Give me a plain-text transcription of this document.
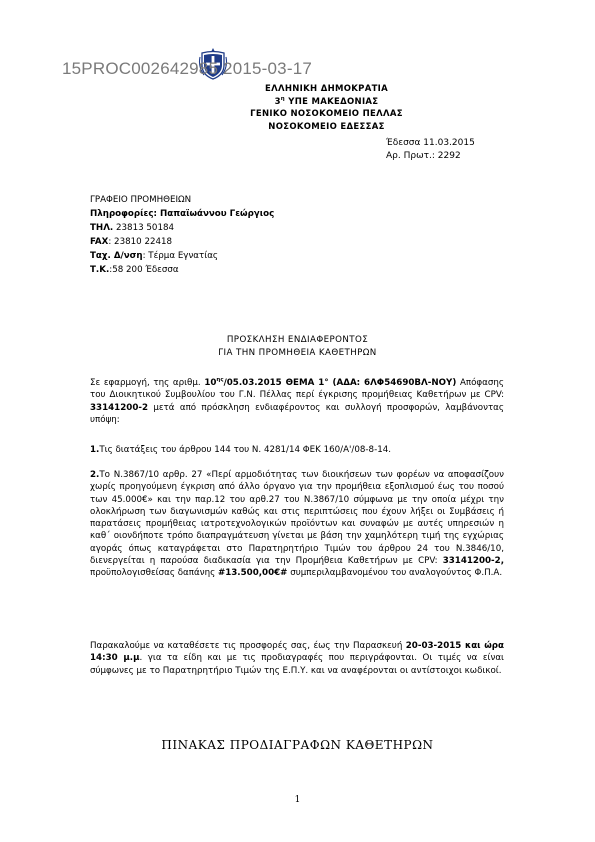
15PROC002642985 2015-03-17
ΕΛΛΗΝΙΚΗ ΔΗΜΟΚΡΑΤΙΑ
$3^\eta$ ΥΠΕ ΜΑΚΕΔΟΝΙΑΣ
ΓΕΝΙΚΟ ΝΟΣΟΚΟΜΕΙΟ ΠΕΛΛΑΣ
ΝΟΣΟΚΟΜΕΙΟ ΕΔΕΣΣΑΣ
Έδεσσα 11.03.2015
Αρ. Πρωτ.: 2292
ΓΡΑΦΕΙΟ ΠΡΟΜΗΘΕΙΩΝ
Πληροφορίες: Παπαϊωάννου Γεώργιος
ΤΗΛ. 23813 50184
FAX: 23810 22418
Ταχ. Δ/νση: Τέρμα Εγνατίας
Τ.Κ.:58 200 Έδεσσα
ΠΡΟΣΚΛΗΣΗ ΕΝΔΙΑΦΕΡΟΝΤΟΣ
ΓΙΑ ΤΗΝ ΠΡΟΜΗΘΕΙΑ ΚΑΘΕΤΗΡΩΝ
Σε εφαρμογή, της αριθμ. $10^{\eta\varsigma}/05.03.2015$ ΘΕΜΑ 1° (ΑΔΑ: 6ΛΦ54690ΒΛ-ΝΟΥ) Απόφασης του Διοικητικού Συμβουλίου του Γ.Ν. Πέλλας περί έγκρισης προμήθειας Καθετήρων με CPV: 33141200-2 μετά από πρόσκληση ενδιαφέροντος και συλλογή προσφορών, λαμβάνοντας υπόψη:
1.Τις διατάξεις του άρθρου 144 του Ν. 4281/14 ΦΕΚ 160/Α'/08-8-14.
2.Το Ν.3867/10 αρθρ. 27 «Περί αρμοδιότητας των διοικήσεων των φορέων να αποφασίζουν χωρίς προηγούμενη έγκριση από άλλο όργανο για την προμήθεια εξοπλισμού έως του ποσού των 45.000€» και την παρ.12 του αρθ.27 του Ν.3867/10 σύμφωνα με την οποία μέχρι την ολοκλήρωση των διαγωνισμών καθώς και στις περιπτώσεις που έχουν λήξει οι Συμβάσεις ή παρατάσεις προμήθειας ιατροτεχνολογικών προϊόντων και συναφών με αυτές υπηρεσιών η καθ΄ οιονδήποτε τρόπο διαπραγμάτευση γίνεται με βάση την χαμηλότερη τιμή της εγχώριας αγοράς όπως καταγράφεται στο Παρατηρητήριο Τιμών του άρθρου 24 του Ν.3846/10, διενεργείται η παρούσα διαδικασία για την Προμήθεια Καθετήρων με CPV: 33141200-2, προϋπολογισθείσας δαπάνης #13.500,00€# συμπεριλαμβανομένου του αναλογούντος Φ.Π.Α.
Παρακαλούμε να καταθέσετε τις προσφορές σας, έως την Παρασκευή 20-03-2015 και ώρα 14:30 μ.μ. για τα είδη και με τις προδιαγραφές που περιγράφονται. Οι τιμές να είναι σύμφωνες με το Παρατηρητήριο Τιμών της Ε.Π.Υ. και να αναφέρονται οι αντίστοιχοι κωδικοί.
ΠΙΝΑΚΑΣ ΠΡΟΔΙΑΓΡΑΦΩΝ ΚΑΘΕΤΗΡΩΝ
1
